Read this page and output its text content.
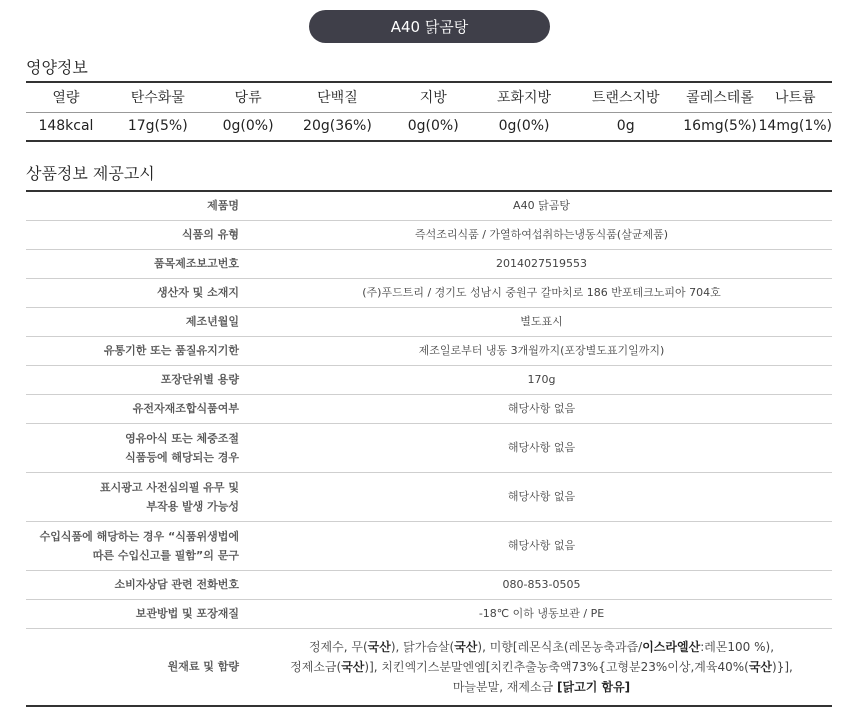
A40 닭곰탕
영양정보
열량	탄수화물	당류	단백질	지방	포화지방	트랜스지방	콜레스테롤	나트륨
148kcal	17g(5%)	0g(0%)	20g(36%)	0g(0%)	0g(0%)	0g	16mg(5%)	14mg(1%)
상품정보 제공고시
제품명	A40 닭곰탕
식품의 유형	즉석조리식품 / 가열하여섭취하는냉동식품(살균제품)
품목제조보고번호	2014027519553
생산자 및 소재지	(주)푸드트리 / 경기도 성남시 중원구 갈마치로 186 반포테크노피아 704호
제조년월일	별도표시
유통기한 또는 품질유지기한	제조일로부터 냉동 3개월까지(포장별도표기일까지)
포장단위별 용량	170g
유전자재조합식품여부	해당사항 없음
영유아식 또는 체중조절
식품등에 해당되는 경우	해당사항 없음
표시광고 사전심의필 유무 및
부작용 발생 가능성	해당사항 없음
수입식품에 해당하는 경우 “식품위생법에
따른 수입신고를 필함”의 문구	해당사항 없음
소비자상담 관련 전화번호	080-853-0505
보관방법 및 포장재질	-18℃ 이하 냉동보관 / PE
원재료 및 함량	정제수, 무(국산), 닭가슴살(국산), 미향[레몬식초(레몬농축과즙/이스라엘산:레몬100 %),
정제소금(국산)], 치킨엑기스분말엔엠[치킨추출농축액73%{고형분23%이상,계육40%(국산)}],
마늘분말, 재제소금 [닭고기 함유]
